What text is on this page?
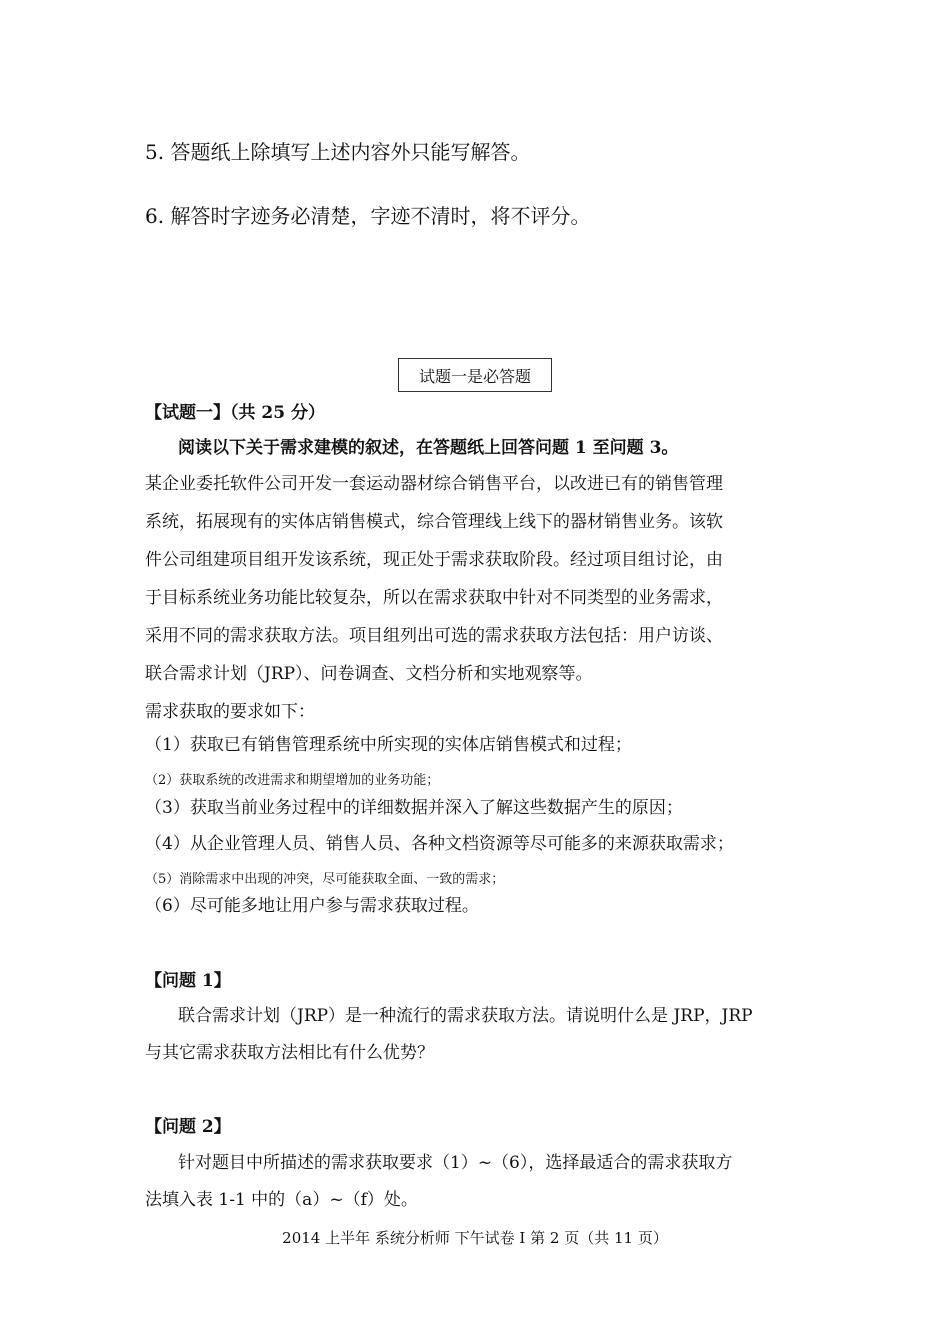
5. 答题纸上除填写上述内容外只能写解答。
6. 解答时字迹务必清楚，字迹不清时，将不评分。
试题一是必答题
【试题一】（共 25 分）
阅读以下关于需求建模的叙述，在答题纸上回答问题 1 至问题 3。
某企业委托软件公司开发一套运动器材综合销售平台，以改进已有的销售管理
系统，拓展现有的实体店销售模式，综合管理线上线下的器材销售业务。该软
件公司组建项目组开发该系统，现正处于需求获取阶段。经过项目组讨论，由
于目标系统业务功能比较复杂，所以在需求获取中针对不同类型的业务需求，
采用不同的需求获取方法。项目组列出可选的需求获取方法包括：用户访谈、
联合需求计划（JRP）、问卷调查、文档分析和实地观察等。
需求获取的要求如下：
（1）获取已有销售管理系统中所实现的实体店销售模式和过程；
（2）获取系统的改进需求和期望增加的业务功能；
（3）获取当前业务过程中的详细数据并深入了解这些数据产生的原因；
（4）从企业管理人员、销售人员、各种文档资源等尽可能多的来源获取需求；
（5）消除需求中出现的冲突，尽可能获取全面、一致的需求；
（6）尽可能多地让用户参与需求获取过程。
【问题 1】
联合需求计划（JRP）是一种流行的需求获取方法。请说明什么是 JRP，JRP
与其它需求获取方法相比有什么优势？
【问题 2】
针对题目中所描述的需求获取要求（1）~（6），选择最适合的需求获取方
法填入表 1-1 中的（a）~（f）处。
2014 上半年 系统分析师 下午试卷 I 第 2 页（共 11 页）
